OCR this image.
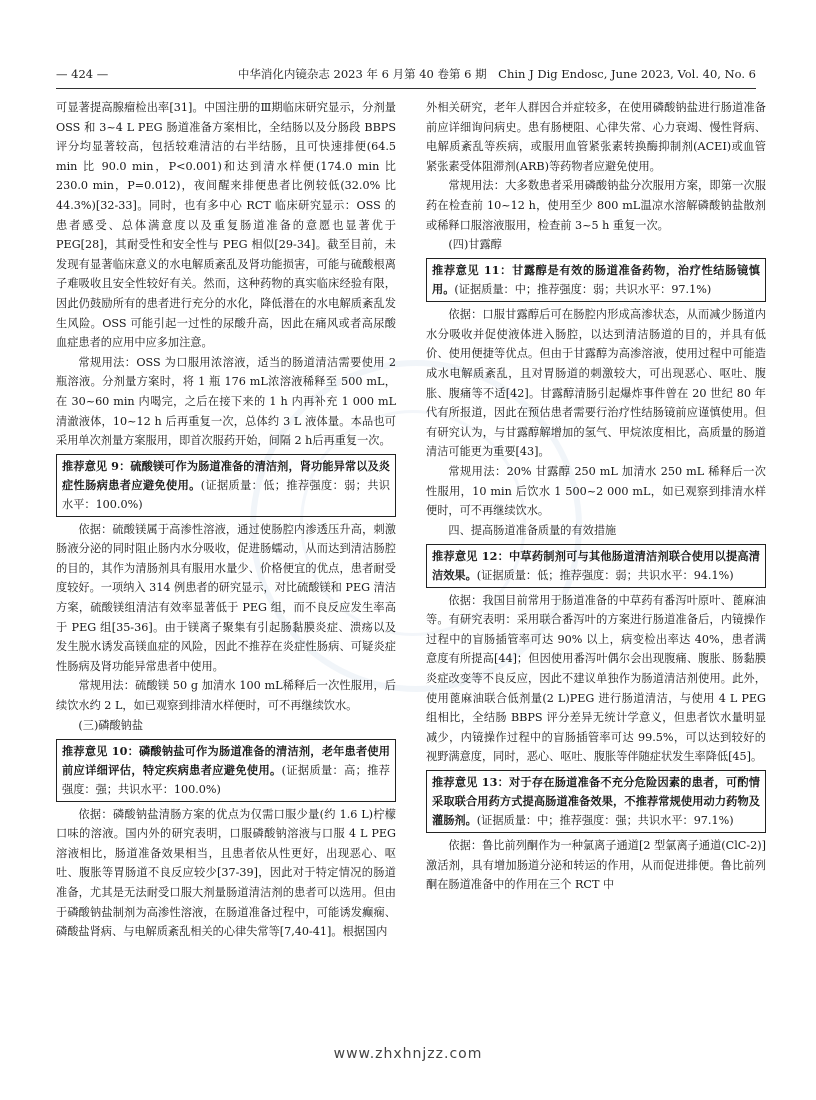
— 424 —	中华消化内镜杂志 2023 年 6 月第 40 卷第 6 期　Chin J Dig Endosc, June 2023, Vol. 40, No. 6

可显著提高腺瘤检出率[31]。中国注册的Ⅲ期临床研究显示，分剂量 OSS 和 3~4 L PEG 肠道准备方案相比，全结肠以及分肠段 BBPS 评分均显著较高，包括较难清洁的右半结肠，且可快速排便(64.5 min 比 90.0 min，P<0.001)和达到清水样便(174.0 min 比 230.0 min，P=0.012)，夜间醒来排便患者比例较低(32.0% 比 44.3%)[32-33]。同时，也有多中心 RCT 临床研究显示：OSS 的患者感受、总体满意度以及重复肠道准备的意愿也显著优于 PEG[28]，其耐受性和安全性与 PEG 相似[29-34]。截至目前，未发现有显著临床意义的水电解质紊乱及肾功能损害，可能与硫酸根离子难吸收且安全性较好有关。然而，这种药物的真实临床经验有限，因此仍鼓励所有的患者进行充分的水化，降低潜在的水电解质紊乱发生风险。OSS 可能引起一过性的尿酸升高，因此在痛风或者高尿酸血症患者的应用中应多加注意。

常规用法：OSS 为口服用浓溶液，适当的肠道清洁需要使用 2 瓶溶液。分剂量方案时，将 1 瓶 176 mL浓溶液稀释至 500 mL，在 30~60 min 内喝完，之后在接下来的 1 h 内再补充 1 000 mL 清澈液体，10~12 h 后再重复一次，总体约 3 L 液体量。本品也可采用单次剂量方案服用，即首次服药开始，间隔 2 h后再重复一次。

推荐意见 9：硫酸镁可作为肠道准备的清洁剂，肾功能异常以及炎症性肠病患者应避免使用。(证据质量：低；推荐强度：弱；共识水平：100.0%)

依据：硫酸镁属于高渗性溶液，通过使肠腔内渗透压升高，刺激肠液分泌的同时阻止肠内水分吸收，促进肠蠕动，从而达到清洁肠腔的目的，其作为清肠剂具有服用水量少、价格便宜的优点，患者耐受度较好。一项纳入 314 例患者的研究显示，对比硫酸镁和 PEG 清洁方案，硫酸镁组清洁有效率显著低于 PEG 组，而不良反应发生率高于 PEG 组[35-36]。由于镁离子聚集有引起肠黏膜炎症、溃疡以及发生脱水诱发高镁血症的风险，因此不推荐在炎症性肠病、可疑炎症性肠病及肾功能异常患者中使用。

常规用法：硫酸镁 50 g 加清水 100 mL稀释后一次性服用，后续饮水约 2 L，如已观察到排清水样便时，可不再继续饮水。

(三)磷酸钠盐
推荐意见 10：磷酸钠盐可作为肠道准备的清洁剂，老年患者使用前应详细评估，特定疾病患者应避免使用。(证据质量：高；推荐强度：强；共识水平：100.0%)

依据：磷酸钠盐清肠方案的优点为仅需口服少量(约 1.6 L)柠檬口味的溶液。国内外的研究表明，口服磷酸钠溶液与口服 4 L PEG 溶液相比，肠道准备效果相当，且患者依从性更好，出现恶心、呕吐、腹胀等胃肠道不良反应较少[37-39]，因此对于特定情况的肠道准备，尤其是无法耐受口服大剂量肠道清洁剂的患者可以选用。但由于磷酸钠盐制剂为高渗性溶液，在肠道准备过程中，可能诱发癫痫、磷酸盐肾病、与电解质紊乱相关的心律失常等[7,40-41]。根据国内

外相关研究，老年人群因合并症较多，在使用磷酸钠盐进行肠道准备前应详细询问病史。患有肠梗阻、心律失常、心力衰竭、慢性肾病、电解质紊乱等疾病，或服用血管紧张素转换酶抑制剂(ACEI)或血管紧张素受体阻滞剂(ARB)等药物者应避免使用。

常规用法：大多数患者采用磷酸钠盐分次服用方案，即第一次服药在检查前 10~12 h，使用至少 800 mL温凉水溶解磷酸钠盐散剂或稀释口服溶液服用，检查前 3~5 h 重复一次。

(四)甘露醇
推荐意见 11：甘露醇是有效的肠道准备药物，治疗性结肠镜慎用。(证据质量：中；推荐强度：弱；共识水平：97.1%)

依据：口服甘露醇后可在肠腔内形成高渗状态，从而减少肠道内水分吸收并促使液体进入肠腔，以达到清洁肠道的目的，并具有低价、使用便捷等优点。但由于甘露醇为高渗溶液，使用过程中可能造成水电解质紊乱，且对胃肠道的刺激较大，可出现恶心、呕吐、腹胀、腹痛等不适[42]。甘露醇清肠引起爆炸事件曾在 20 世纪 80 年代有所报道，因此在预估患者需要行治疗性结肠镜前应谨慎使用。但有研究认为，与甘露醇解增加的氢气、甲烷浓度相比，高质量的肠道清洁可能更为重要[43]。

常规用法：20% 甘露醇 250 mL 加清水 250 mL 稀释后一次性服用，10 min 后饮水 1 500~2 000 mL，如已观察到排清水样便时，可不再继续饮水。

四、提高肠道准备质量的有效措施
推荐意见 12：中草药制剂可与其他肠道清洁剂联合使用以提高清洁效果。(证据质量：低；推荐强度：弱；共识水平：94.1%)

依据：我国目前常用于肠道准备的中草药有番泻叶原叶、蓖麻油等。有研究表明：采用联合番泻叶的方案进行肠道准备后，内镜操作过程中的盲肠插管率可达 90% 以上，病变检出率达 40%，患者满意度有所提高[44]；但因使用番泻叶偶尔会出现腹痛、腹胀、肠黏膜炎症改变等不良反应，因此不建议单独作为肠道清洁剂使用。此外，使用蓖麻油联合低剂量(2 L)PEG 进行肠道清洁，与使用 4 L PEG 组相比，全结肠 BBPS 评分差异无统计学意义，但患者饮水量明显减少，内镜操作过程中的盲肠插管率可达 99.5%，可以达到较好的视野满意度，同时，恶心、呕吐、腹胀等伴随症状发生率降低[45]。

推荐意见 13：对于存在肠道准备不充分危险因素的患者，可酌情采取联合用药方式提高肠道准备效果，不推荐常规使用动力药物及灌肠剂。(证据质量：中；推荐强度：强；共识水平：97.1%)

依据：鲁比前列酮作为一种氯离子通道[2 型氯离子通道(ClC-2)]激活剂，具有增加肠道分泌和转运的作用，从而促进排便。鲁比前列酮在肠道准备中的作用在三个 RCT 中

www.zhxhnjzz.com
